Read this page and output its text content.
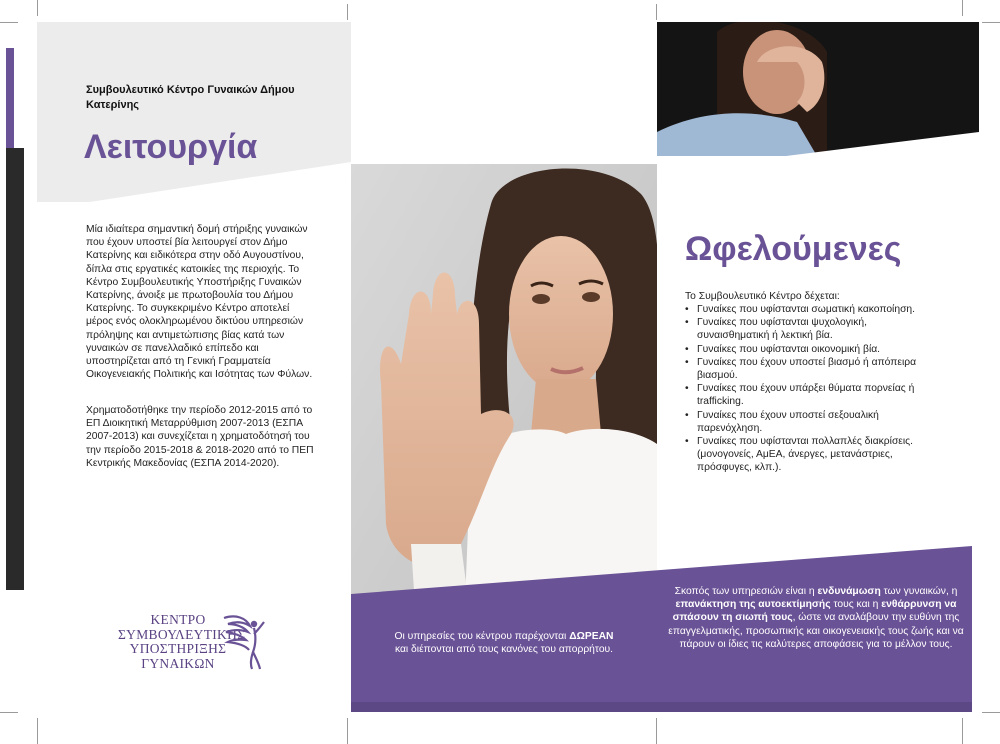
Συμβουλευτικό Κέντρο Γυναικών Δήμου Κατερίνης
Λειτουργία
Μία ιδιαίτερα σημαντική δομή στήριξης γυναικών που έχουν υποστεί βία λειτουργεί στον Δήμο Κατερίνης και ειδικότερα στην οδό Αυγουστίνου, δίπλα στις εργατικές κατοικίες της περιοχής. Το Κέντρο Συμβουλευτικής Υποστήριξης Γυναικών Κατερίνης, άνοιξε με πρωτοβουλία του Δήμου Κατερίνης. Το συγκεκριμένο Κέντρο αποτελεί μέρος ενός ολοκληρωμένου δικτύου υπηρεσιών πρόληψης και αντιμετώπισης βίας κατά των γυναικών σε πανελλαδικό επίπεδο και υποστηρίζεται από τη Γενική Γραμματεία Οικογενειακής Πολιτικής και Ισότητας των Φύλων.
Χρηματοδοτήθηκε την περίοδο 2012-2015 από το ΕΠ Διοικητική Μεταρρύθμιση 2007-2013 (ΕΣΠΑ 2007-2013) και συνεχίζεται η χρηματοδότησή του την περίοδο 2015-2018 & 2018-2020 από το ΠΕΠ Κεντρικής Μακεδονίας (ΕΣΠΑ 2014-2020).
ΚΕΝΤΡΟ
ΣΥΜΒΟΥΛΕΥΤΙΚΗΣ
ΥΠΟΣΤΗΡΙΞΗΣ
ΓΥΝΑΙΚΩΝ
Οι υπηρεσίες του κέντρου παρέχονται ΔΩΡΕΑΝ
και διέπονται από τους κανόνες του απορρήτου.
Ωφελούμενες
Το Συμβουλευτικό Κέντρο δέχεται:
• Γυναίκες που υφίστανται σωματική κακοποίηση.
• Γυναίκες που υφίστανται ψυχολογική, συναισθηματική ή λεκτική βία.
• Γυναίκες που υφίστανται οικονομική βία.
• Γυναίκες που έχουν υποστεί βιασμό ή απόπειρα βιασμού.
• Γυναίκες που έχουν υπάρξει θύματα πορνείας ή trafficking.
• Γυναίκες που έχουν υποστεί σεξουαλική παρενόχληση.
• Γυναίκες που υφίστανται πολλαπλές διακρίσεις. (μονογονείς, ΑμΕΑ, άνεργες, μετανάστριες, πρόσφυγες, κλπ.).
Σκοπός των υπηρεσιών είναι η ενδυνάμωση των γυναικών, η επανάκτηση της αυτοεκτίμησής τους και η ενθάρρυνση να σπάσουν τη σιωπή τους, ώστε να αναλάβουν την ευθύνη της επαγγελματικής, προσωπικής και οικογενειακής τους ζωής και να πάρουν οι ίδιες τις καλύτερες αποφάσεις για το μέλλον τους.
